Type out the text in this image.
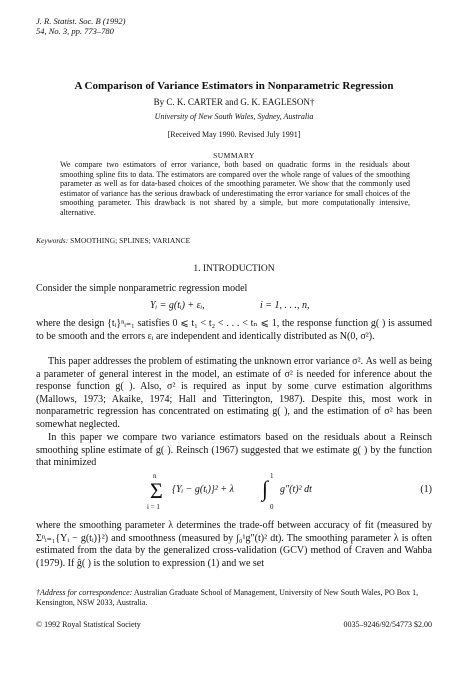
J. R. Statist. Soc. B (1992)
54, No. 3, pp. 773–780
A Comparison of Variance Estimators in Nonparametric Regression
By C. K. CARTER and G. K. EAGLESON†
University of New South Wales, Sydney, Australia
[Received May 1990. Revised July 1991]
SUMMARY
We compare two estimators of error variance, both based on quadratic forms in the residuals about smoothing spline fits to data. The estimators are compared over the whole range of values of the smoothing parameter as well as for data-based choices of the smoothing parameter. We show that the commonly used estimator of variance has the serious drawback of underestimating the error variance for small choices of the smoothing parameter. This drawback is not shared by a simple, but more computationally intensive, alternative.
Keywords: SMOOTHING; SPLINES; VARIANCE
1. INTRODUCTION
Consider the simple nonparametric regression model
Yᵢ = g(tᵢ) + εᵢ,	i = 1, . . ., n,
where the design {tᵢ}ⁿᵢ₌₁ satisfies 0 ⩽ t₁ < t₂ < . . . < tₙ ⩽ 1, the response function g( ) is assumed to be smooth and the errors εᵢ are independent and identically distributed as N(0, σ²).
This paper addresses the problem of estimating the unknown error variance σ². As well as being a parameter of general interest in the model, an estimate of σ² is needed for inference about the response function g( ). Also, σ² is required as input by some curve estimation algorithms (Mallows, 1973; Akaike, 1974; Hall and Titterington, 1987). Despite this, most work in nonparametric regression has concentrated on estimating g( ), and the estimation of σ² has been somewhat neglected.
In this paper we compare two variance estimators based on the residuals about a Reinsch smoothing spline estimate of g( ). Reinsch (1967) suggested that we estimate g( ) by the function that minimized
n
Σ
i = 1
{Yᵢ − g(tᵢ)}² + λ
1
∫
0
g″(t)² dt	(1)
where the smoothing parameter λ determines the trade-off between accuracy of fit (measured by Σⁿᵢ₌₁{Yᵢ − g(tᵢ)}²) and smoothness (measured by ∫₀¹g″(t)² dt). The smoothing parameter λ is often estimated from the data by the generalized cross-validation (GCV) method of Craven and Wahba (1979). If ĝ( ) is the solution to expression (1) and we set
†Address for correspondence: Australian Graduate School of Management, University of New South Wales, PO Box 1, Kensington, NSW 2033, Australia.
© 1992 Royal Statistical Society	0035–9246/92/54773 $2.00
